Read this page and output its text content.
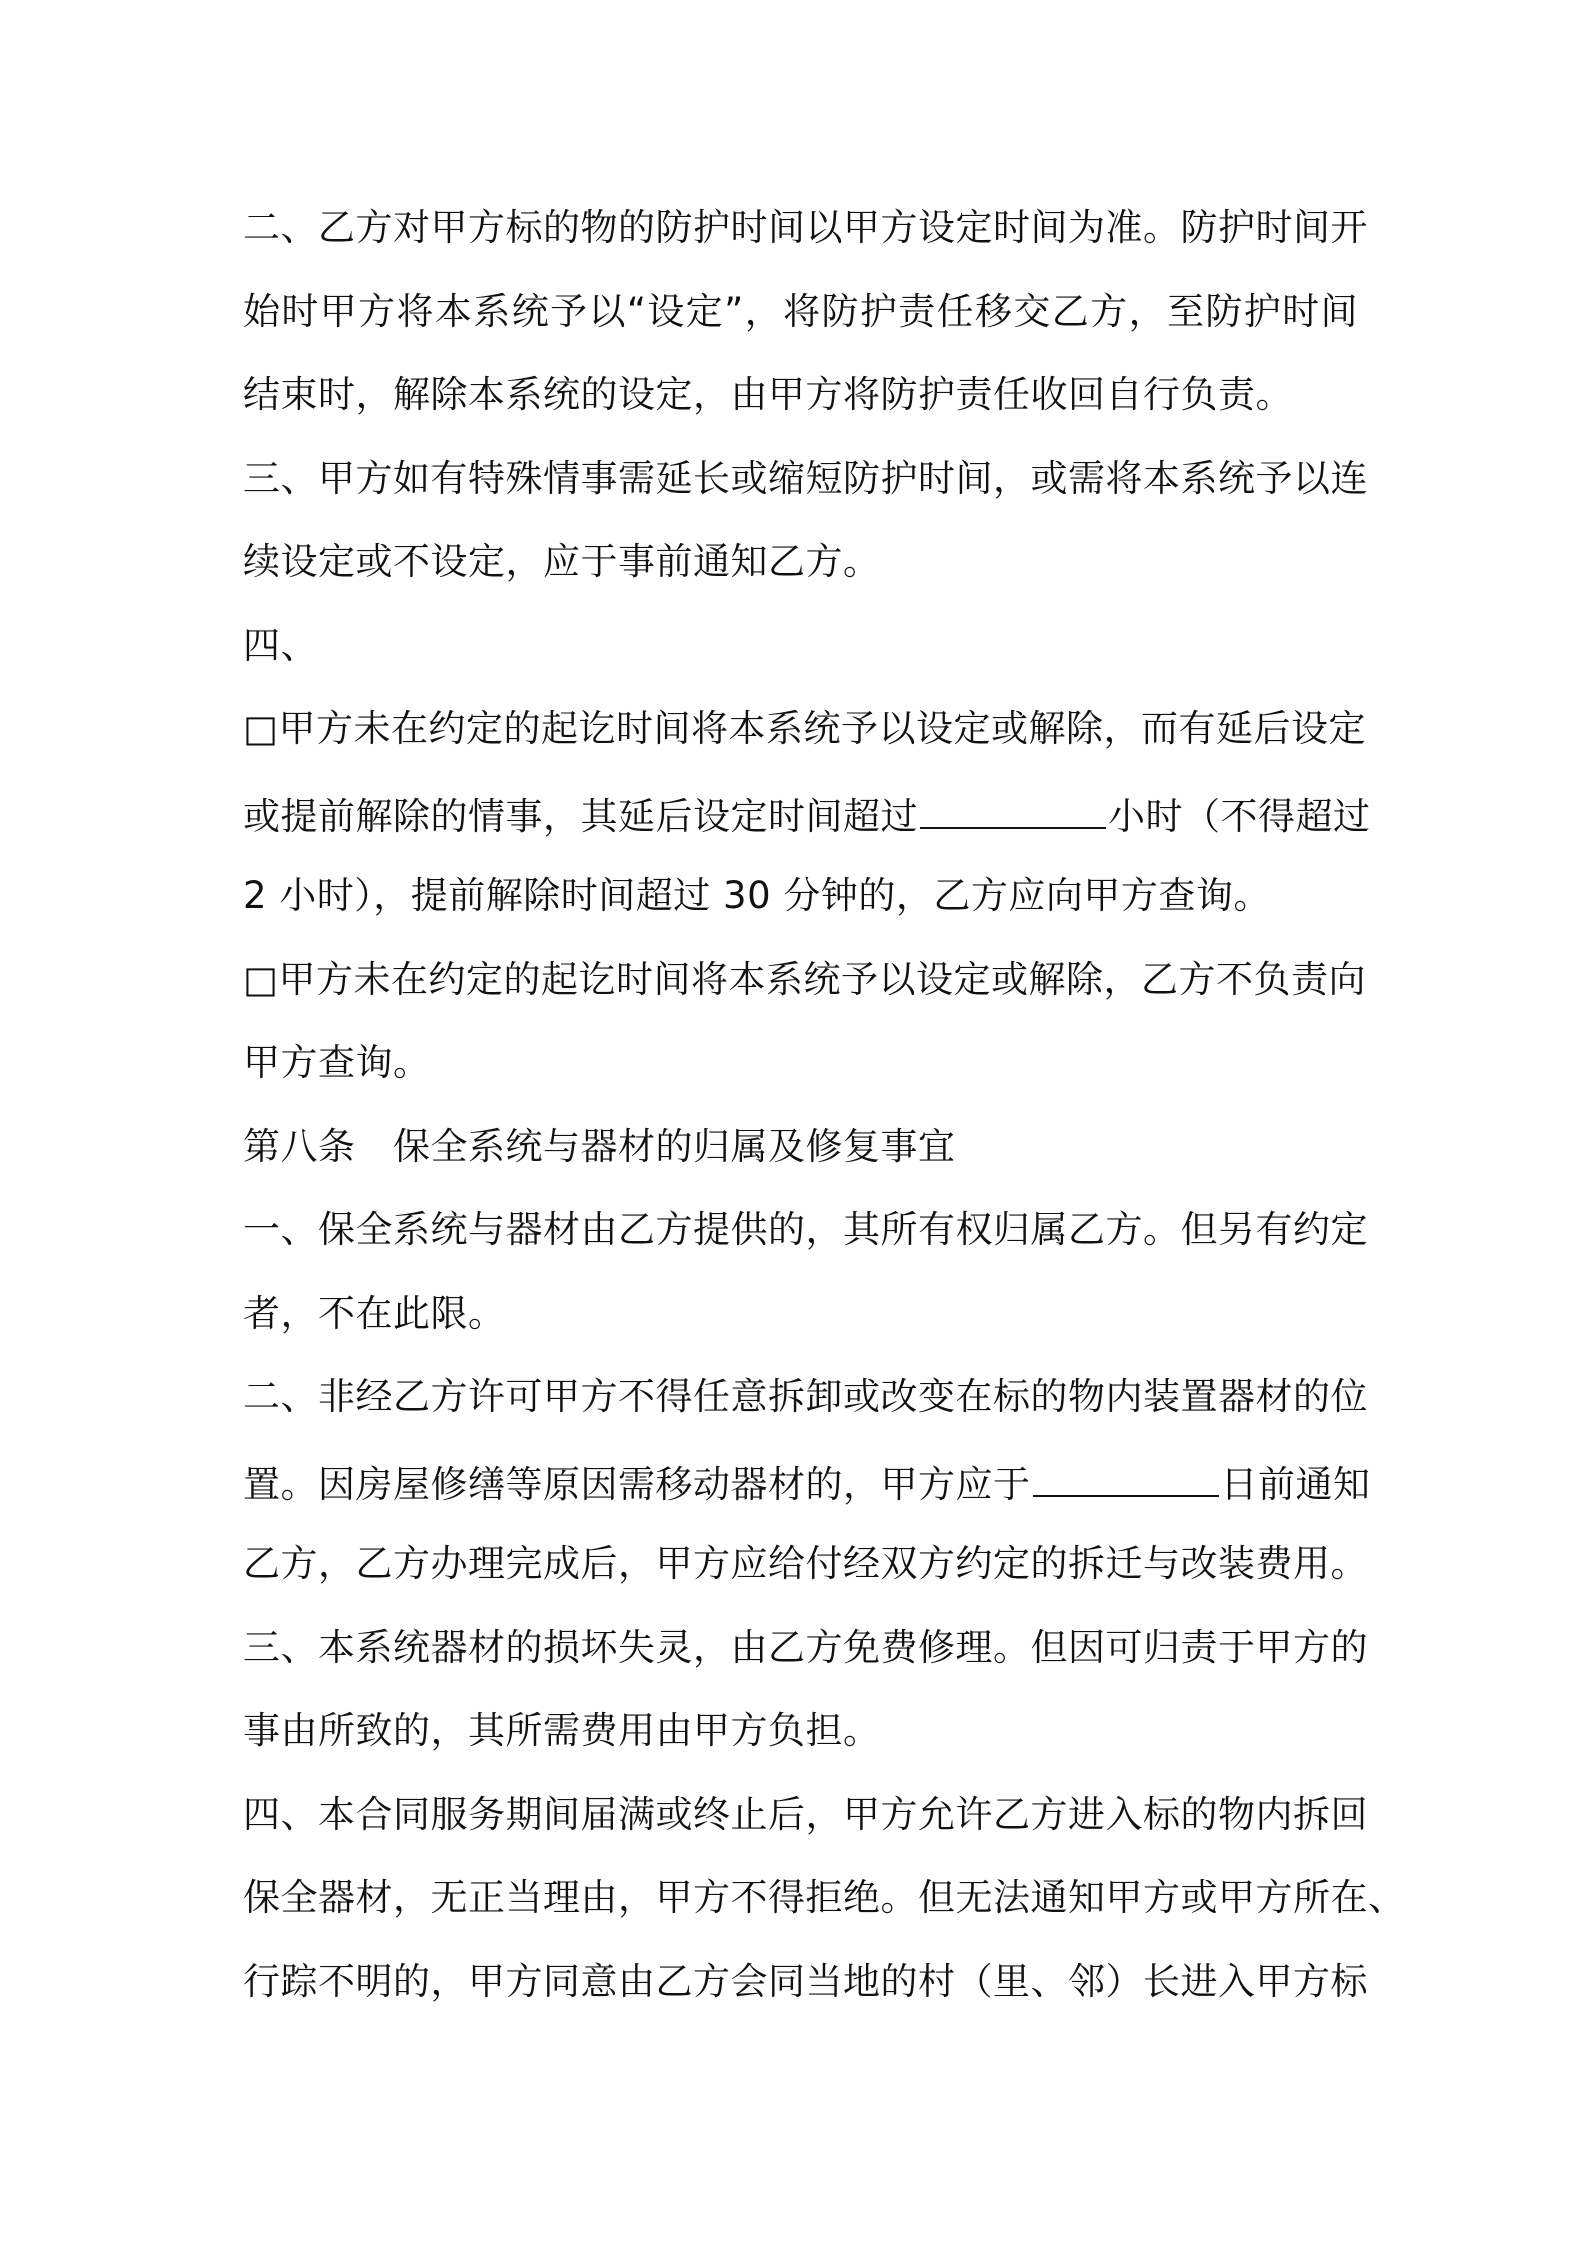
二、乙方对甲方标的物的防护时间以甲方设定时间为准。防护时间开
始时甲方将本系统予以“设定”，将防护责任移交乙方，至防护时间
结束时，解除本系统的设定，由甲方将防护责任收回自行负责。
三、甲方如有特殊情事需延长或缩短防护时间，或需将本系统予以连
续设定或不设定，应于事前通知乙方。
四、
□甲方未在约定的起讫时间将本系统予以设定或解除，而有延后设定
或提前解除的情事，其延后设定时间超过	小时（不得超过
2 小时），提前解除时间超过 30 分钟的，乙方应向甲方查询。
□甲方未在约定的起讫时间将本系统予以设定或解除，乙方不负责向
甲方查询。
第八条　保全系统与器材的归属及修复事宜
一、保全系统与器材由乙方提供的，其所有权归属乙方。但另有约定
者，不在此限。
二、非经乙方许可甲方不得任意拆卸或改变在标的物内装置器材的位
置。因房屋修缮等原因需移动器材的，甲方应于	日前通知
乙方，乙方办理完成后，甲方应给付经双方约定的拆迁与改装费用。
三、本系统器材的损坏失灵，由乙方免费修理。但因可归责于甲方的
事由所致的，其所需费用由甲方负担。
四、本合同服务期间届满或终止后，甲方允许乙方进入标的物内拆回
保全器材，无正当理由，甲方不得拒绝。但无法通知甲方或甲方所在、
行踪不明的，甲方同意由乙方会同当地的村（里、邻）长进入甲方标
